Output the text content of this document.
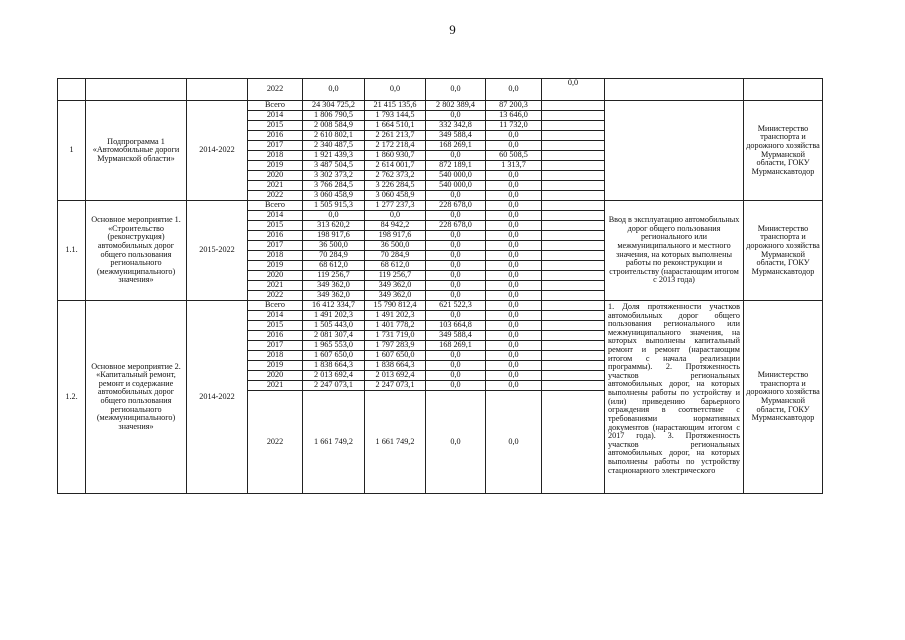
9
			2022	0,0	0,0	0,0	0,0	0,0		
1	Подпрограмма 1 «Автомобильные дороги Мурманской области»	2014-2022	Всего	24 304 725,2	21 415 135,6	2 802 389,4	87 200,3			Министерство транспорта и дорожного хозяйства Мурманской области, ГОКУ Мурманскавтодор
			2014	1 806 790,5	1 793 144,5	0,0	13 646,0			
			2015	2 008 584,9	1 664 510,1	332 342,8	11 732,0			
			2016	2 610 802,1	2 261 213,7	349 588,4	0,0			
			2017	2 340 487,5	2 172 218,4	168 269,1	0,0			
			2018	1 921 439,3	1 860 930,7	0,0	60 508,5			
			2019	3 487 504,5	2 614 001,7	872 189,1	1 313,7			
			2020	3 302 373,2	2 762 373,2	540 000,0	0,0			
			2021	3 766 284,5	3 226 284,5	540 000,0	0,0			
			2022	3 060 458,9	3 060 458,9	0,0	0,0			
1.1.	Основное мероприятие 1. «Строительство (реконструкция) автомобильных дорог общего пользования регионального (межмуниципального) значения»	2015-2022	Всего	1 505 915,3	1 277 237,3	228 678,0	0,0		Ввод в эксплуатацию автомобильных дорог общего пользования регионального или межмуниципального и местного значения, на которых выполнены работы по реконструкции и строительству (нарастающим итогом с 2013 года)	Министерство транспорта и дорожного хозяйства Мурманской области, ГОКУ Мурманскавтодор
			2014	0,0	0,0	0,0	0,0			
			2015	313 620,2	84 942,2	228 678,0	0,0			
			2016	198 917,6	198 917,6	0,0	0,0			
			2017	36 500,0	36 500,0	0,0	0,0			
			2018	70 284,9	70 284,9	0,0	0,0			
			2019	68 612,0	68 612,0	0,0	0,0			
			2020	119 256,7	119 256,7	0,0	0,0			
			2021	349 362,0	349 362,0	0,0	0,0			
			2022	349 362,0	349 362,0	0,0	0,0			
1.2.	Основное мероприятие 2. «Капитальный ремонт, ремонт и содержание автомобильных дорог общего пользования регионального (межмуниципального) значения»	2014-2022	Всего	16 412 334,7	15 790 812,4	621 522,3	0,0		1. Доля протяженности участков автомобильных дорог общего пользования регионального или межмуниципального значения, на которых выполнены капитальный ремонт и ремонт (нарастающим итогом с начала реализации программы). 2. Протяженность участков региональных автомобильных дорог, на которых выполнены работы по устройству и (или) приведению барьерного ограждения в соответствие с требованиями нормативных документов (нарастающим итогом с 2017 года). 3. Протяженность участков региональных автомобильных дорог, на которых выполнены работы по устройству стационарного электрического	Министерство транспорта и дорожного хозяйства Мурманской области, ГОКУ Мурманскавтодор
			2014	1 491 202,3	1 491 202,3	0,0	0,0			
			2015	1 505 443,0	1 401 778,2	103 664,8	0,0			
			2016	2 081 307,4	1 731 719,0	349 588,4	0,0			
			2017	1 965 553,0	1 797 283,9	168 269,1	0,0			
			2018	1 607 650,0	1 607 650,0	0,0	0,0			
			2019	1 838 664,3	1 838 664,3	0,0	0,0			
			2020	2 013 692,4	2 013 692,4	0,0	0,0			
			2021	2 247 073,1	2 247 073,1	0,0	0,0			
			2022	1 661 749,2	1 661 749,2	0,0	0,0			
